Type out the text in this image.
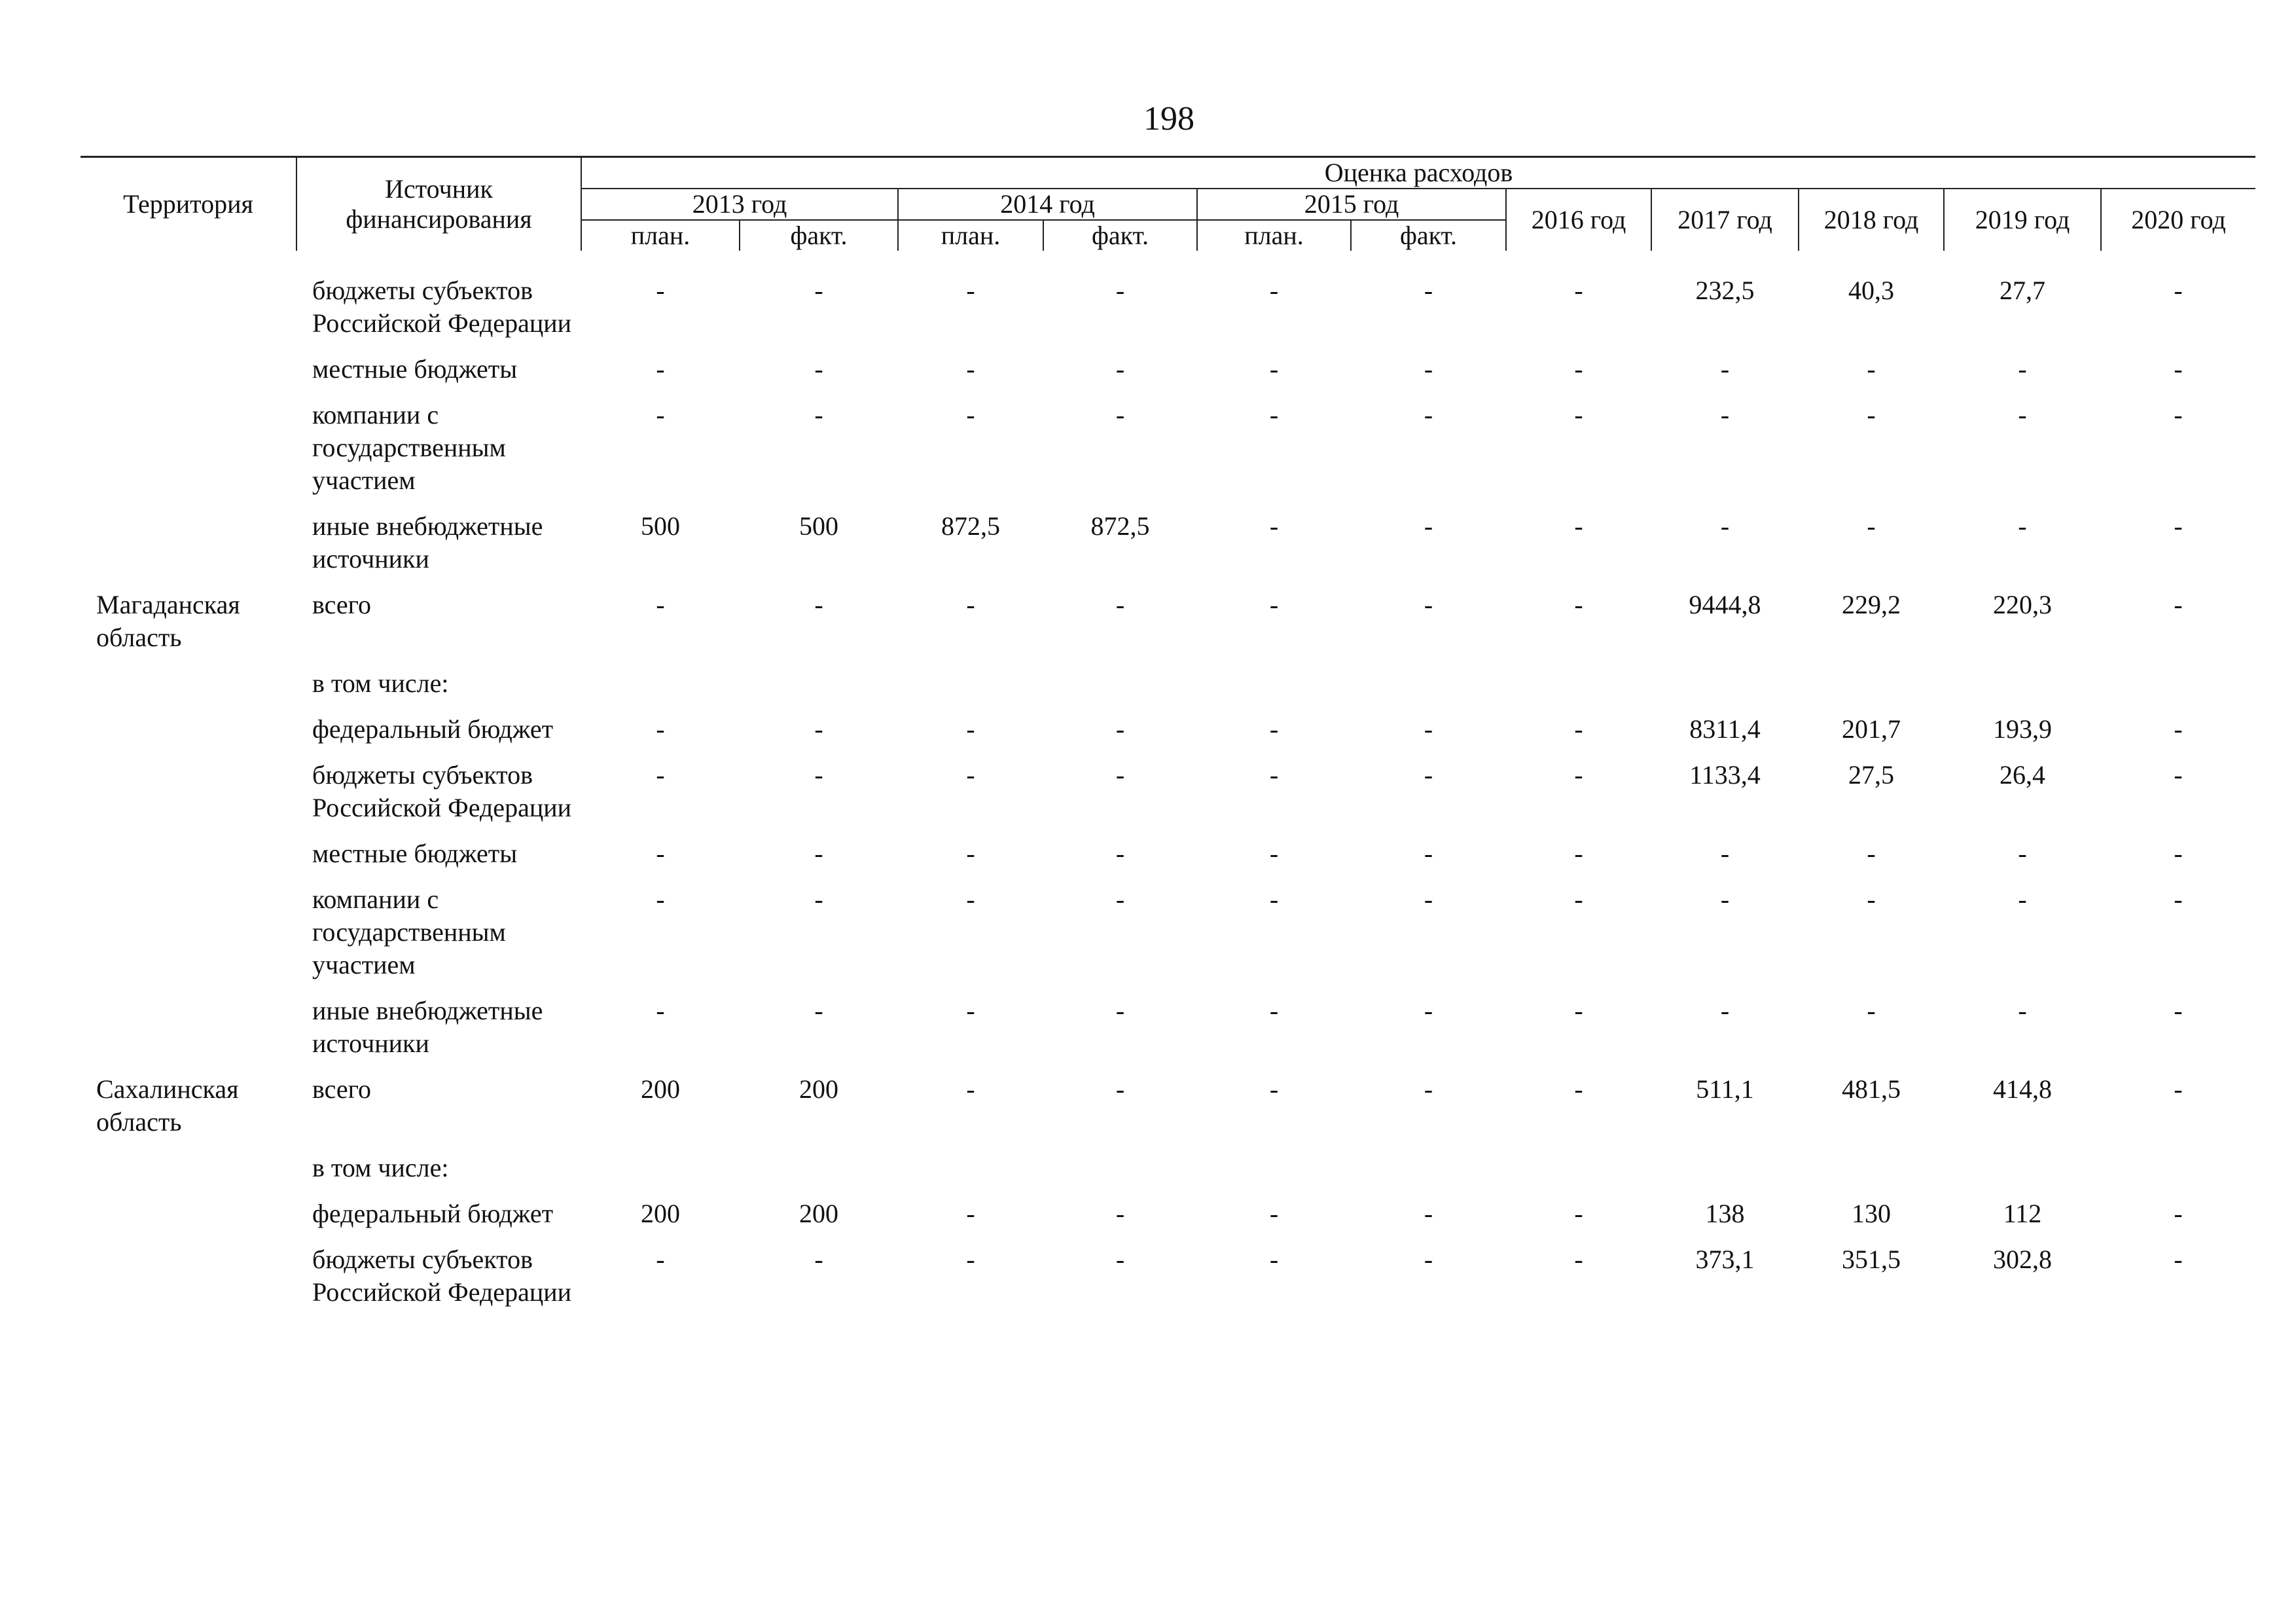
198
Территория	Источник финансирования	Оценка расходов										
		2013 год		2014 год		2015 год		2016 год	2017 год	2018 год	2019 год	2020 год
		план.	факт.	план.	факт.	план.	факт.					

	бюджеты субъектов Российской Федерации	-	-	-	-	-	-	-	232,5	40,3	27,7	-
	местные бюджеты	-	-	-	-	-	-	-	-	-	-	-
	компании с государственным участием	-	-	-	-	-	-	-	-	-	-	-
	иные внебюджетные источники	500	500	872,5	872,5	-	-	-	-	-	-	-
Магаданская область	всего	-	-	-	-	-	-	-	9444,8	229,2	220,3	-
	в том числе:											
	федеральный бюджет	-	-	-	-	-	-	-	8311,4	201,7	193,9	-
	бюджеты субъектов Российской Федерации	-	-	-	-	-	-	-	1133,4	27,5	26,4	-
	местные бюджеты	-	-	-	-	-	-	-	-	-	-	-
	компании с государственным участием	-	-	-	-	-	-	-	-	-	-	-
	иные внебюджетные источники	-	-	-	-	-	-	-	-	-	-	-
Сахалинская область	всего	200	200	-	-	-	-	-	511,1	481,5	414,8	-
	в том числе:											
	федеральный бюджет	200	200	-	-	-	-	-	138	130	112	-
	бюджеты субъектов Российской Федерации	-	-	-	-	-	-	-	373,1	351,5	302,8	-
